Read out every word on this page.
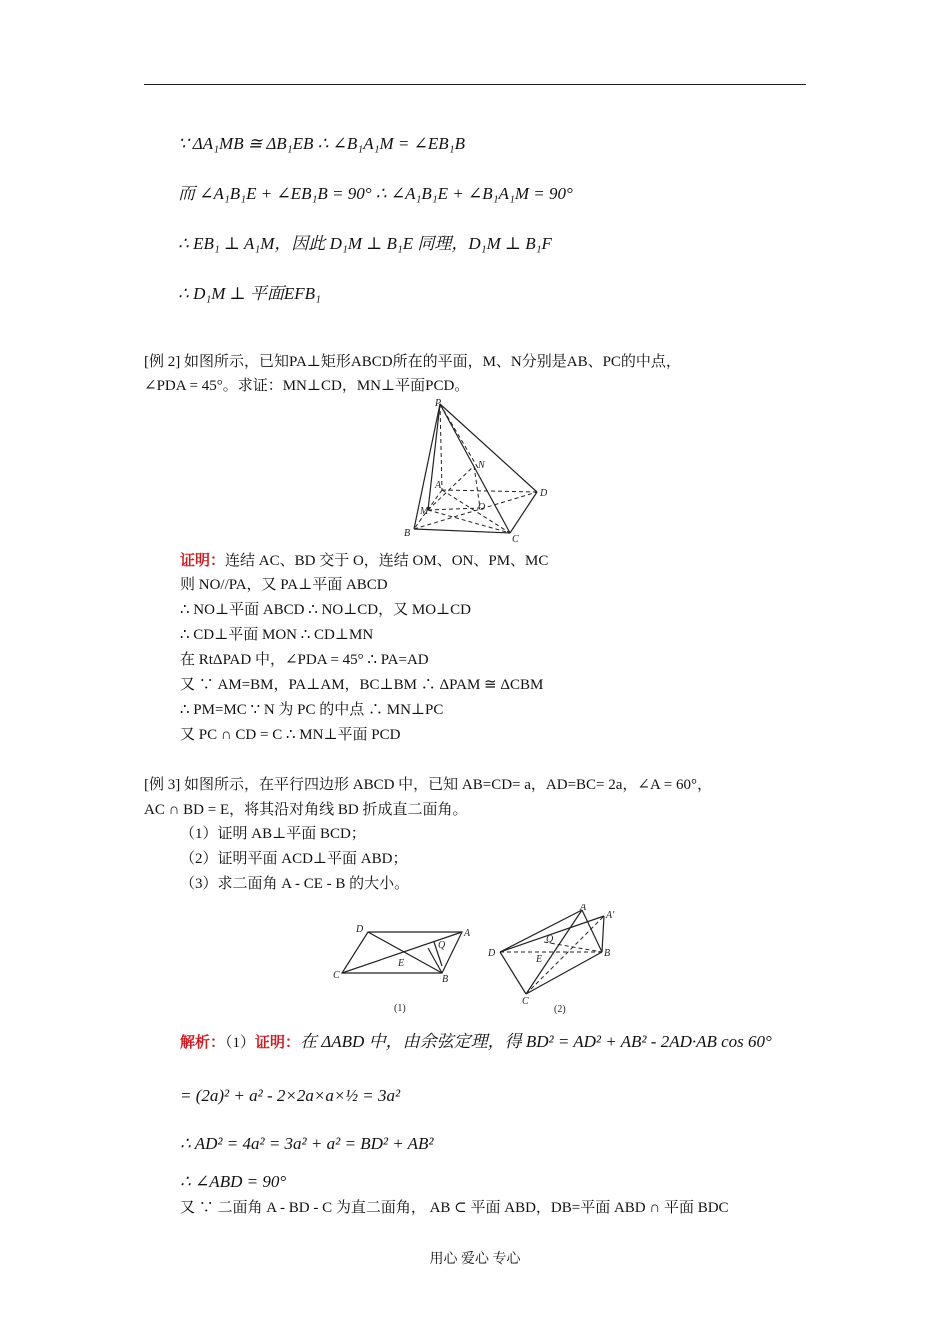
∵ ΔA₁MB ≅ ΔB₁EB ∴ ∠B₁A₁M = ∠EB₁B
而 ∠A₁B₁E + ∠EB₁B = 90° ∴ ∠A₁B₁E + ∠B₁A₁M = 90°
∴ EB₁ ⊥ A₁M，因此 D₁M ⊥ B₁E 同理，D₁M ⊥ B₁F
∴ D₁M ⊥ 平面EFB₁
[例 2] 如图所示，已知PA⊥矩形ABCD所在的平面，M、N分别是AB、PC的中点，
∠PDA = 45°。求证：MN⊥CD，MN⊥平面PCD。
P
N
A
D
M	O
B
C
证明：连结 AC、BD 交于 O，连结 OM、ON、PM、MC
则 NO//PA，又 PA⊥平面 ABCD
∴ NO⊥平面 ABCD ∴ NO⊥CD，又 MO⊥CD
∴ CD⊥平面 MON ∴ CD⊥MN
在 RtΔPAD 中，∠PDA = 45° ∴ PA=AD
又 ∵ AM=BM，PA⊥AM，BC⊥BM ∴ ΔPAM ≅ ΔCBM
∴ PM=MC ∵ N 为 PC 的中点 ∴ MN⊥PC
又 PC ∩ CD = C ∴ MN⊥平面 PCD
[例 3] 如图所示，在平行四边形 ABCD 中，已知 AB=CD= a，AD=BC= 2a，∠A = 60°，
AC ∩ BD = E，将其沿对角线 BD 折成直二面角。
（1）证明 AB⊥平面 BCD；
（2）证明平面 ACD⊥平面 ABD；
（3）求二面角 A - CE - B 的大小。
D	A
Q
E
C	B
(1)
A
A'
Q
D
E
B
C
(2)
解析：（1）证明：在 ΔABD 中，由余弦定理，得 BD² = AD² + AB² - 2AD·AB cos 60°
= (2a)² + a² - 2×2a×a×½ = 3a²
∴ AD² = 4a² = 3a² + a² = BD² + AB²
∴ ∠ABD = 90°
又 ∵ 二面角 A - BD - C 为直二面角， AB ⊂ 平面 ABD，DB=平面 ABD ∩ 平面 BDC
用心 爱心 专心
